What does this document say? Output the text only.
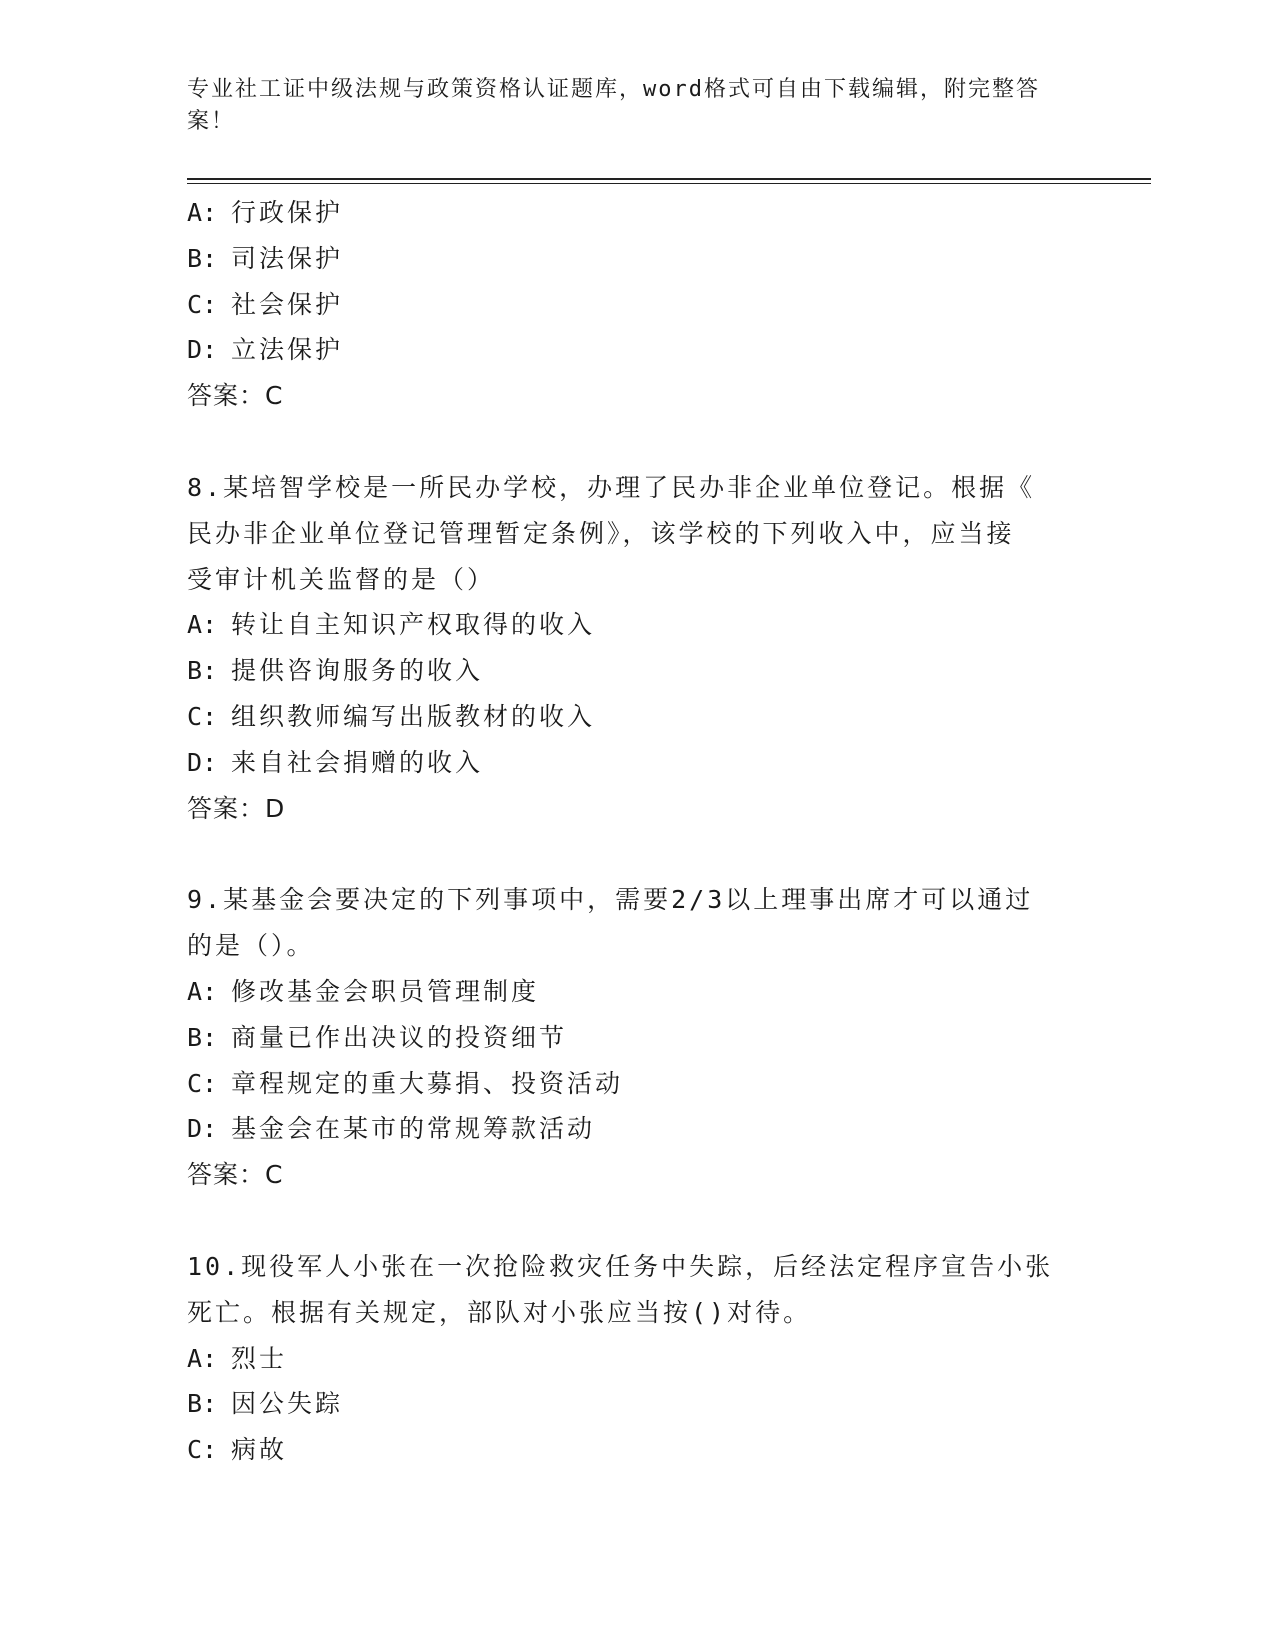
专业社工证中级法规与政策资格认证题库，word格式可自由下载编辑，附完整答
案！
A: 行政保护
B: 司法保护
C: 社会保护
D: 立法保护
答案：C
8.某培智学校是一所民办学校，办理了民办非企业单位登记。根据《
民办非企业单位登记管理暂定条例》，该学校的下列收入中，应当接
受审计机关监督的是（）
A: 转让自主知识产权取得的收入
B: 提供咨询服务的收入
C: 组织教师编写出版教材的收入
D: 来自社会捐赠的收入
答案：D
9.某基金会要决定的下列事项中，需要2/3以上理事出席才可以通过
的是（）。
A: 修改基金会职员管理制度
B: 商量已作出决议的投资细节
C: 章程规定的重大募捐、投资活动
D: 基金会在某市的常规筹款活动
答案：C
10.现役军人小张在一次抢险救灾任务中失踪，后经法定程序宣告小张
死亡。根据有关规定，部队对小张应当按()对待。
A: 烈士
B: 因公失踪
C: 病故
